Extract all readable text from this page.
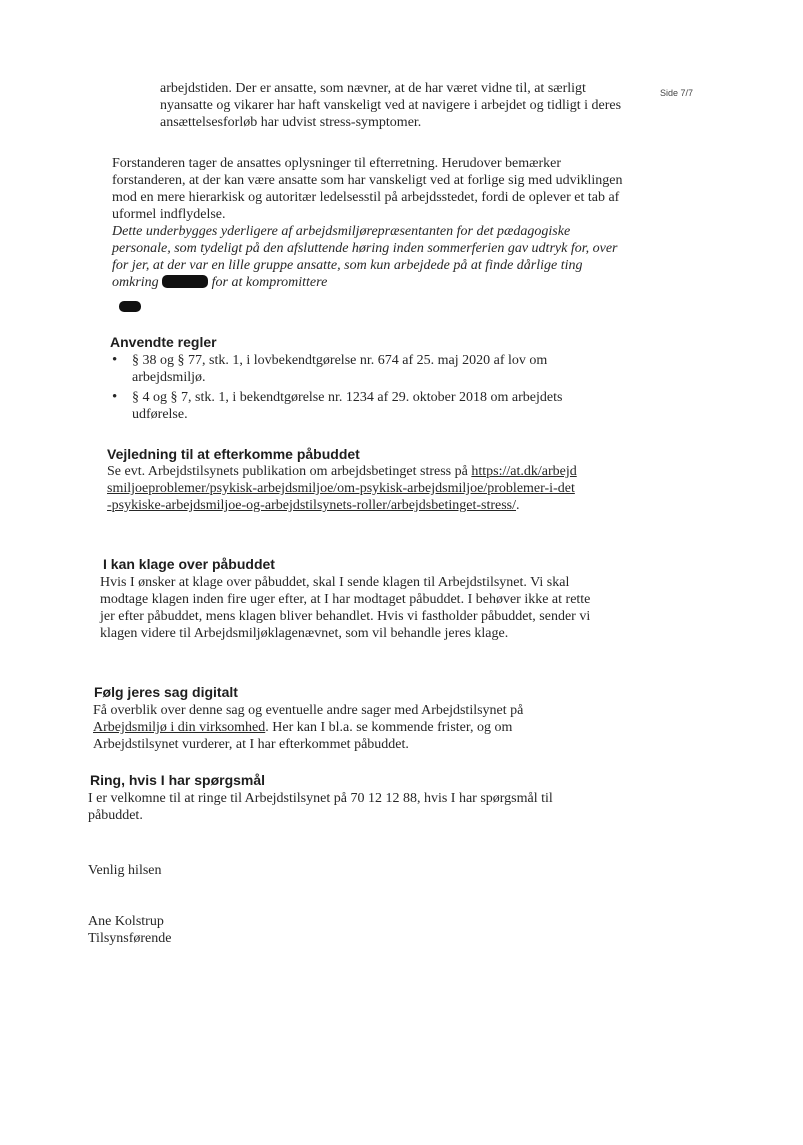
Side 7/7

arbejdstiden. Der er ansatte, som nævner, at de har været vidne til, at særligt nyansatte og vikarer har haft vanskeligt ved at navigere i arbejdet og tidligt i deres ansættelsesforløb har udvist stress-symptomer.

Forstanderen tager de ansattes oplysninger til efterretning. Herudover bemærker forstanderen, at der kan være ansatte som har vanskeligt ved at forlige sig med udviklingen mod en mere hierarkisk og autoritær ledelsesstil på arbejdsstedet, fordi de oplever et tab af uformel indflydelse.

Dette underbygges yderligere af arbejdsmiljørepræsentanten for det pædagogiske personale, som tydeligt på den afsluttende høring inden sommerferien gav udtryk for, over for jer, at der var en lille gruppe ansatte, som kun arbejdede på at finde dårlige ting omkring	for at kompromittere

Anvendte regler
• § 38 og § 77, stk. 1, i lovbekendtgørelse nr. 674 af 25. maj 2020 af lov om arbejdsmiljø.
• § 4 og § 7, stk. 1, i bekendtgørelse nr. 1234 af 29. oktober 2018 om arbejdets udførelse.
Vejledning til at efterkomme påbuddet
Se evt. Arbejdstilsynets publikation om arbejdsbetinget stress på https://at.dk/arbejdsmiljoeproblemer/psykisk-arbejdsmiljoe/om-psykisk-arbejdsmiljoe/problemer-i-det-psykiske-arbejdsmiljoe-og-arbejdstilsynets-roller/arbejdsbetinget-stress/.
I kan klage over påbuddet

Hvis I ønsker at klage over påbuddet, skal I sende klagen til Arbejdstilsynet. Vi skal modtage klagen inden fire uger efter, at I har modtaget påbuddet. I behøver ikke at rette jer efter påbuddet, mens klagen bliver behandlet. Hvis vi fastholder påbuddet, sender vi klagen videre til Arbejdsmiljøklagenævnet, som vil behandle jeres klage.

Følg jeres sag digitalt
Få overblik over denne sag og eventuelle andre sager med Arbejdstilsynet på Arbejdsmiljø i din virksomhed. Her kan I bl.a. se kommende frister, og om Arbejdstilsynet vurderer, at I har efterkommet påbuddet.
Ring, hvis I har spørgsmål

I er velkomne til at ringe til Arbejdstilsynet på 70 12 12 88, hvis I har spørgsmål til påbuddet.

Venlig hilsen
Ane Kolstrup
Tilsynsførende
